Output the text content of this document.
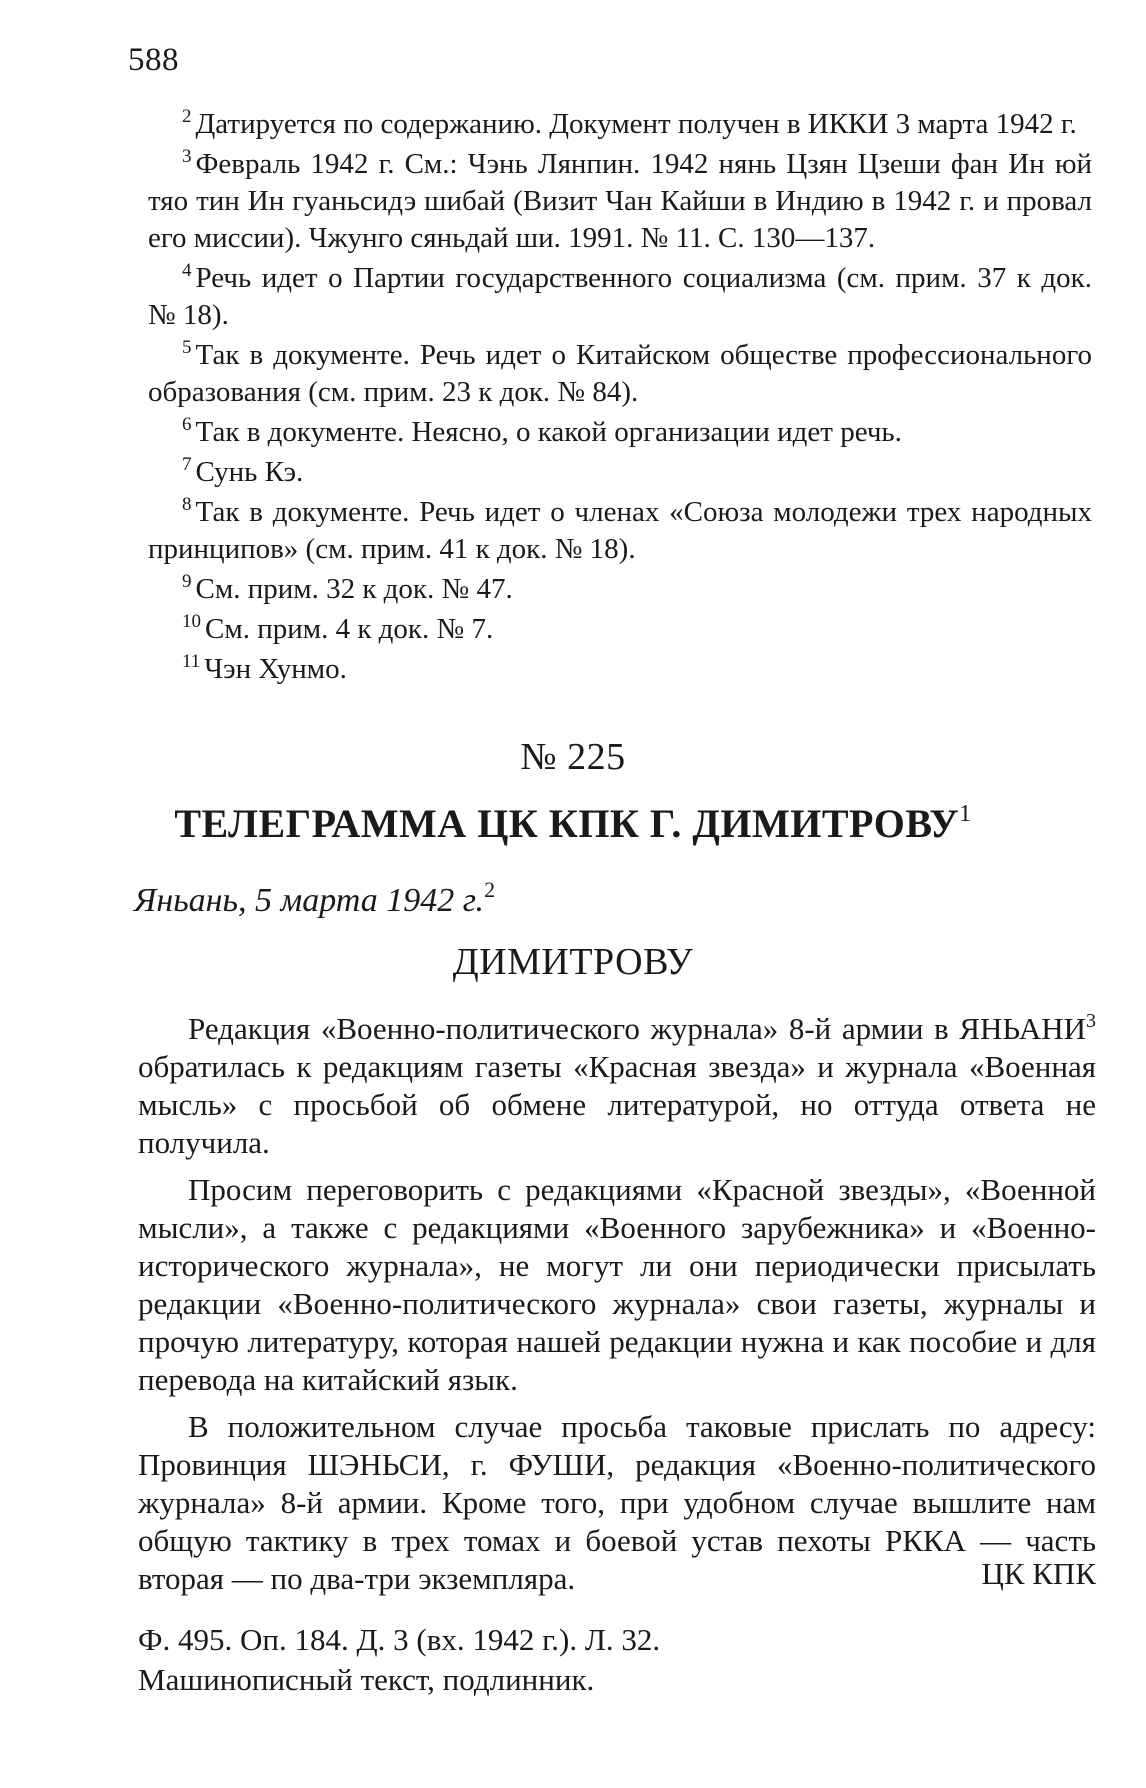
588

$^2$ Датируется по содержанию. Документ получен в ИККИ 3 марта 1942 г.

$^3$ Февраль 1942 г. См.: Чэнь Лянпин. 1942 нянь Цзян Цзеши фан Ин юй тяо тин Ин гуаньсидэ шибай (Визит Чан Кайши в Индию в 1942 г. и провал его миссии). Чжунго сяньдай ши. 1991. № 11. С. 130—137.

$^4$ Речь идет о Партии государственного социализма (см. прим. 37 к док. № 18).

$^5$ Так в документе. Речь идет о Китайском обществе профессионального образования (см. прим. 23 к док. № 84).

$^6$ Так в документе. Неясно, о какой организации идет речь.

$^7$ Сунь Кэ.

$^8$ Так в документе. Речь идет о членах «Союза молодежи трех народных принципов» (см. прим. 41 к док. № 18).

$^9$ См. прим. 32 к док. № 47.

$^{10}$ См. прим. 4 к док. № 7.

$^{11}$ Чэн Хунмо.

№ 225
ТЕЛЕГРАММА ЦК КПК Г. ДИМИТРОВУ$^1$
Яньань, 5 марта 1942 г.$^2$
ДИМИТРОВУ

Редакция «Военно-политического журнала» 8-й армии в ЯНЬАНИ$^3$ обратилась к редакциям газеты «Красная звезда» и журнала «Военная мысль» с просьбой об обмене литературой, но оттуда ответа не получила.

Просим переговорить с редакциями «Красной звезды», «Военной мысли», а также с редакциями «Военного зарубежника» и «Военно-исторического журнала», не могут ли они периодически присылать редакции «Военно-политического журнала» свои газеты, журналы и прочую литературу, которая нашей редакции нужна и как пособие и для перевода на китайский язык.

В положительном случае просьба таковые прислать по адресу: Провинция ШЭНЬСИ, г. ФУШИ, редакция «Военно-политического журнала» 8-й армии. Кроме того, при удобном случае вышлите нам общую тактику в трех томах и боевой устав пехоты РККА — часть вторая — по два-три экземпляра.	ЦК КПК
Ф. 495. Оп. 184. Д. 3 (вх. 1942 г.). Л. 32.
Машинописный текст, подлинник.
